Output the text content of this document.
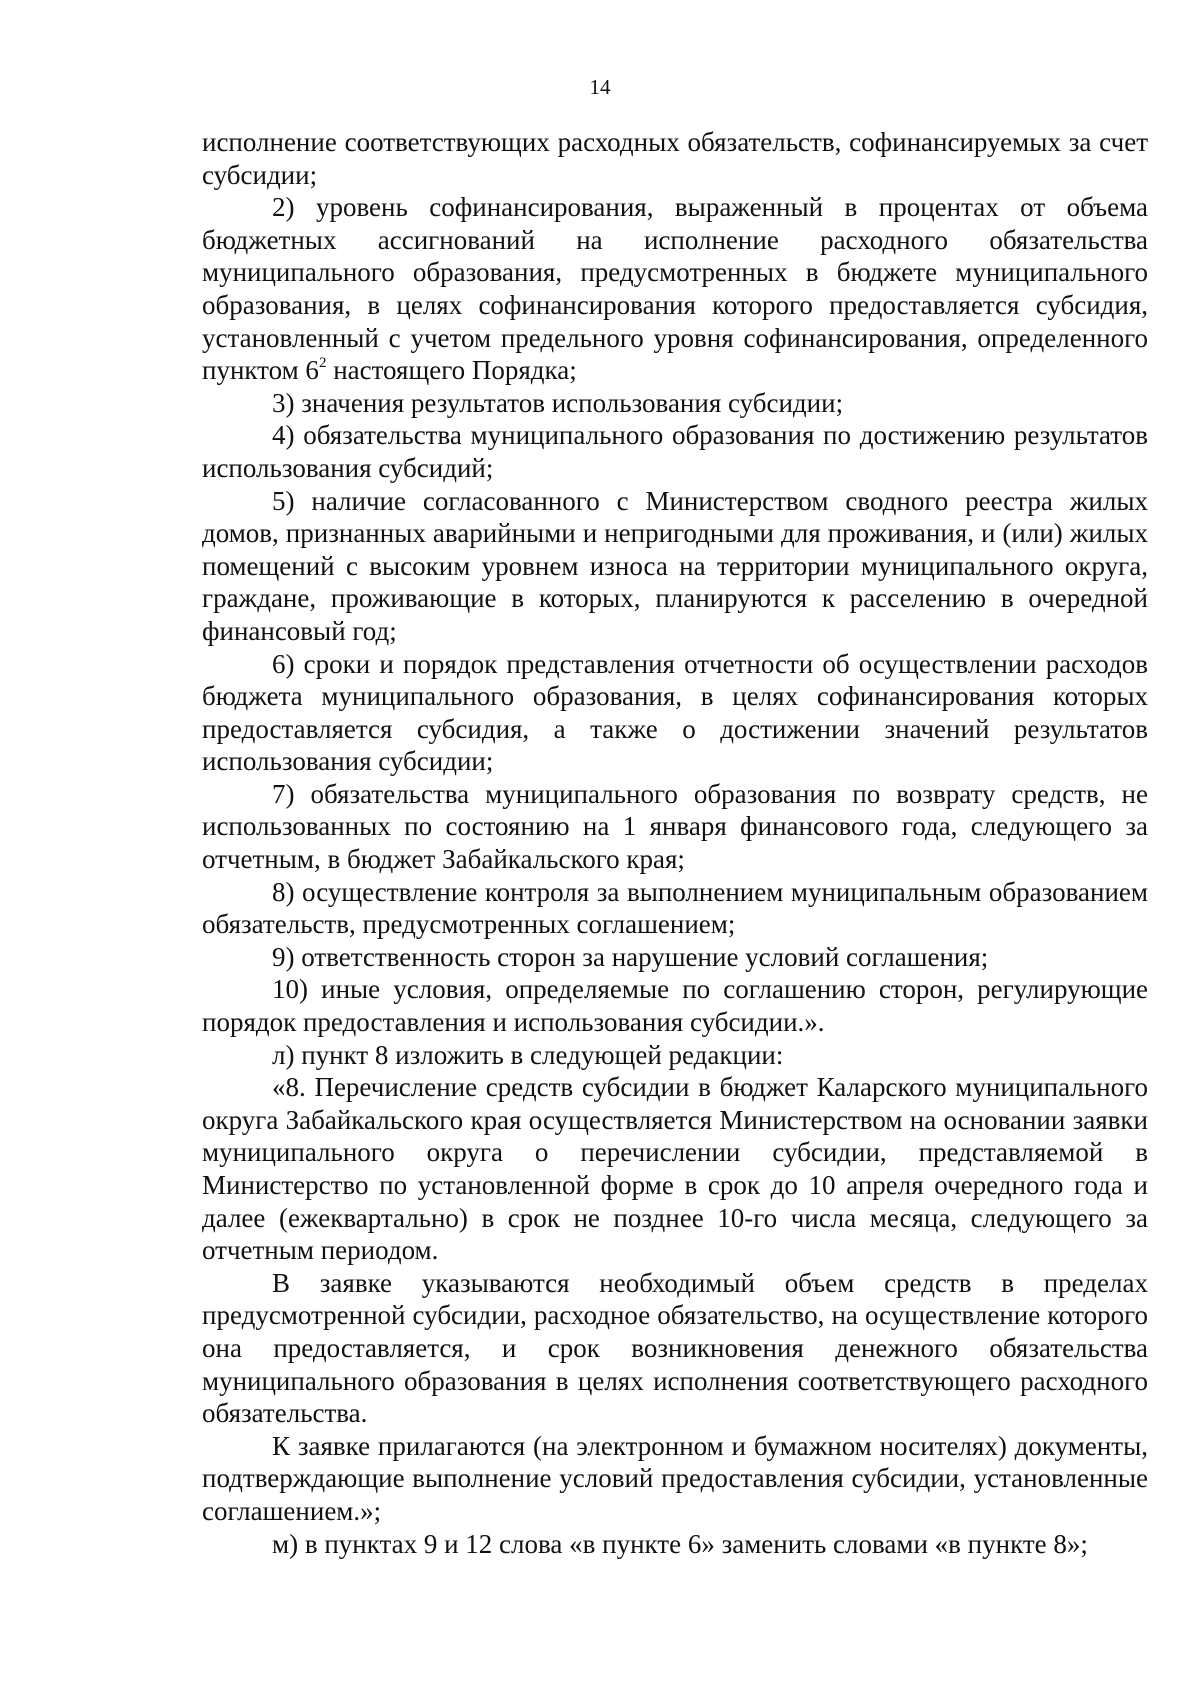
14

исполнение соответствующих расходных обязательств, софинансируемых за счет субсидии;

2) уровень софинансирования, выраженный в процентах от объема бюджетных ассигнований на исполнение расходного обязательства муниципального образования, предусмотренных в бюджете муниципального образования, в целях софинансирования которого предоставляется субсидия, установленный с учетом предельного уровня софинансирования, определенного пунктом $6^2$ настоящего Порядка;

3) значения результатов использования субсидии;

4) обязательства муниципального образования по достижению результатов использования субсидий;

5) наличие согласованного с Министерством сводного реестра жилых домов, признанных аварийными и непригодными для проживания, и (или) жилых помещений с высоким уровнем износа на территории муниципального округа, граждане, проживающие в которых, планируются к расселению в очередной финансовый год;

6) сроки и порядок представления отчетности об осуществлении расходов бюджета муниципального образования, в целях софинансирования которых предоставляется субсидия, а также о достижении значений результатов использования субсидии;

7) обязательства муниципального образования по возврату средств, не использованных по состоянию на 1 января финансового года, следующего за отчетным, в бюджет Забайкальского края;

8) осуществление контроля за выполнением муниципальным образованием обязательств, предусмотренных соглашением;

9) ответственность сторон за нарушение условий соглашения;

10) иные условия, определяемые по соглашению сторон, регулирующие порядок предоставления и использования субсидии.».

л) пункт 8 изложить в следующей редакции:

«8. Перечисление средств субсидии в бюджет Каларского муниципального округа Забайкальского края осуществляется Министерством на основании заявки муниципального округа о перечислении субсидии, представляемой в Министерство по установленной форме в срок до 10 апреля очередного года и далее (ежеквартально) в срок не позднее 10-го числа месяца, следующего за отчетным периодом.

В заявке указываются необходимый объем средств в пределах предусмотренной субсидии, расходное обязательство, на осуществление которого она предоставляется, и срок возникновения денежного обязательства муниципального образования в целях исполнения соответствующего расходного обязательства.

К заявке прилагаются (на электронном и бумажном носителях) документы, подтверждающие выполнение условий предоставления субсидии, установленные соглашением.»;

м) в пунктах 9 и 12 слова «в пункте 6» заменить словами «в пункте 8»;
